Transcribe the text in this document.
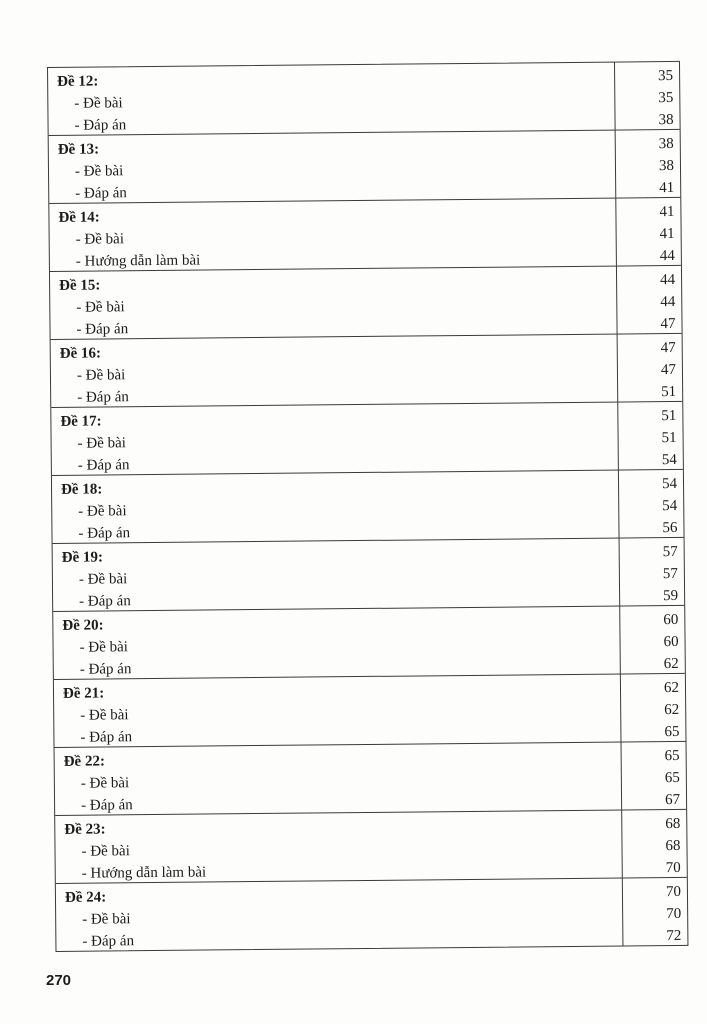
Đề 12:	35
- Đề bài	35
- Đáp án	38
Đề 13:	38
- Đề bài	38
- Đáp án	41
Đề 14:	41
- Đề bài	41
- Hướng dẫn làm bài	44
Đề 15:	44
- Đề bài	44
- Đáp án	47
Đề 16:	47
- Đề bài	47
- Đáp án	51
Đề 17:	51
- Đề bài	51
- Đáp án	54
Đề 18:	54
- Đề bài	54
- Đáp án	56
Đề 19:	57
- Đề bài	57
- Đáp án	59
Đề 20:	60
- Đề bài	60
- Đáp án	62
Đề 21:	62
- Đề bài	62
- Đáp án	65
Đề 22:	65
- Đề bài	65
- Đáp án	67
Đề 23:	68
- Đề bài	68
- Hướng dẫn làm bài	70
Đề 24:	70
- Đề bài	70
- Đáp án	72
270
